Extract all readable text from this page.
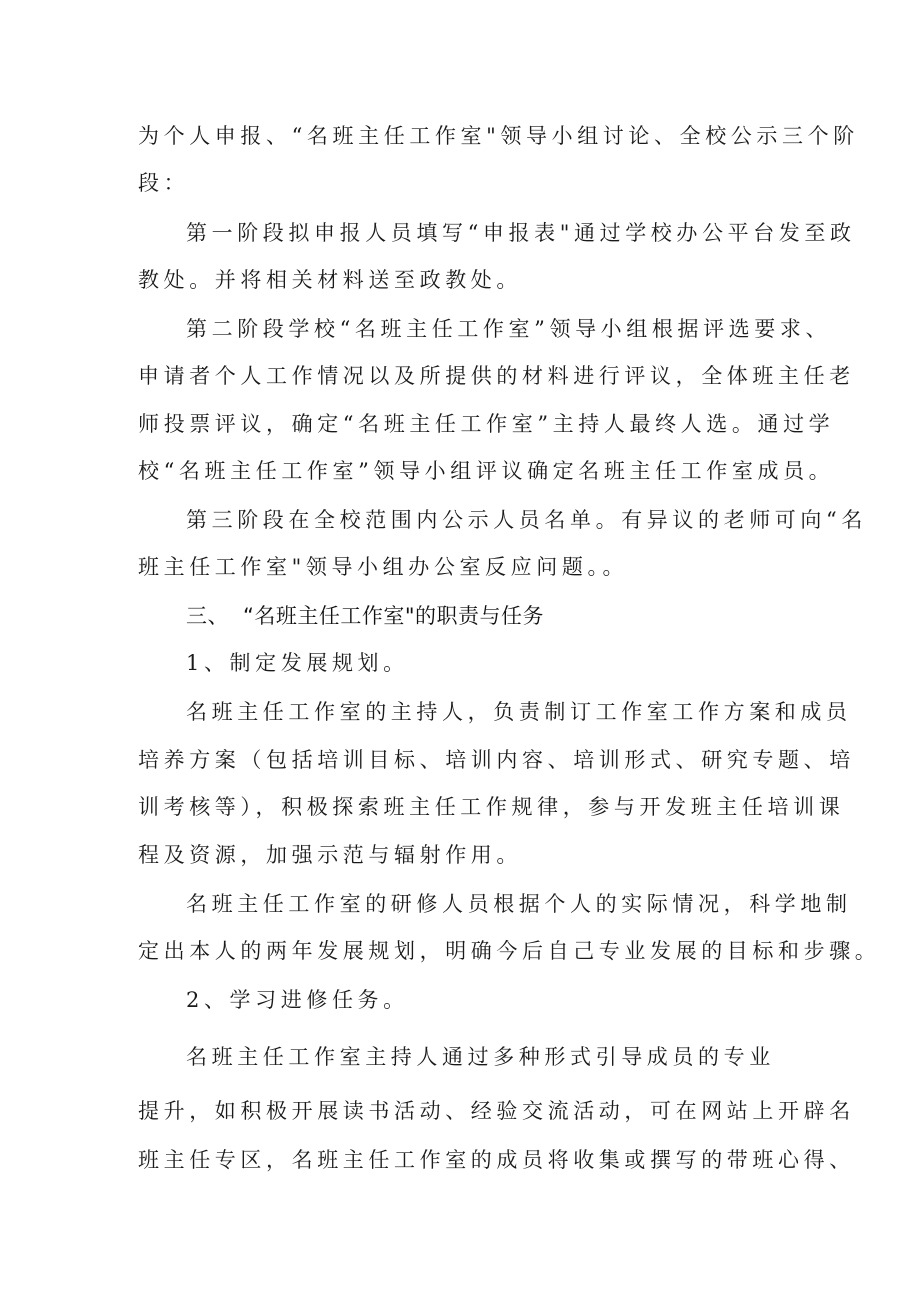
为个人申报、“名班主任工作室"领导小组讨论、全校公示三个阶
段：
第一阶段拟申报人员填写“申报表"通过学校办公平台发至政
教处。并将相关材料送至政教处。
第二阶段学校“名班主任工作室”领导小组根据评选要求、
申请者个人工作情况以及所提供的材料进行评议，全体班主任老
师投票评议，确定“名班主任工作室”主持人最终人选。通过学
校“名班主任工作室”领导小组评议确定名班主任工作室成员。
第三阶段在全校范围内公示人员名单。有异议的老师可向“名
班主任工作室"领导小组办公室反应问题。。
三、 “名班主任工作室"的职责与任务
1、制定发展规划。
名班主任工作室的主持人，负责制订工作室工作方案和成员
培养方案（包括培训目标、培训内容、培训形式、研究专题、培
训考核等），积极探索班主任工作规律，参与开发班主任培训课
程及资源，加强示范与辐射作用。
名班主任工作室的研修人员根据个人的实际情况，科学地制
定出本人的两年发展规划，明确今后自己专业发展的目标和步骤。
2、学习进修任务。
名班主任工作室主持人通过多种形式引导成员的专业
提升，如积极开展读书活动、经验交流活动，可在网站上开辟名
班主任专区，名班主任工作室的成员将收集或撰写的带班心得、
